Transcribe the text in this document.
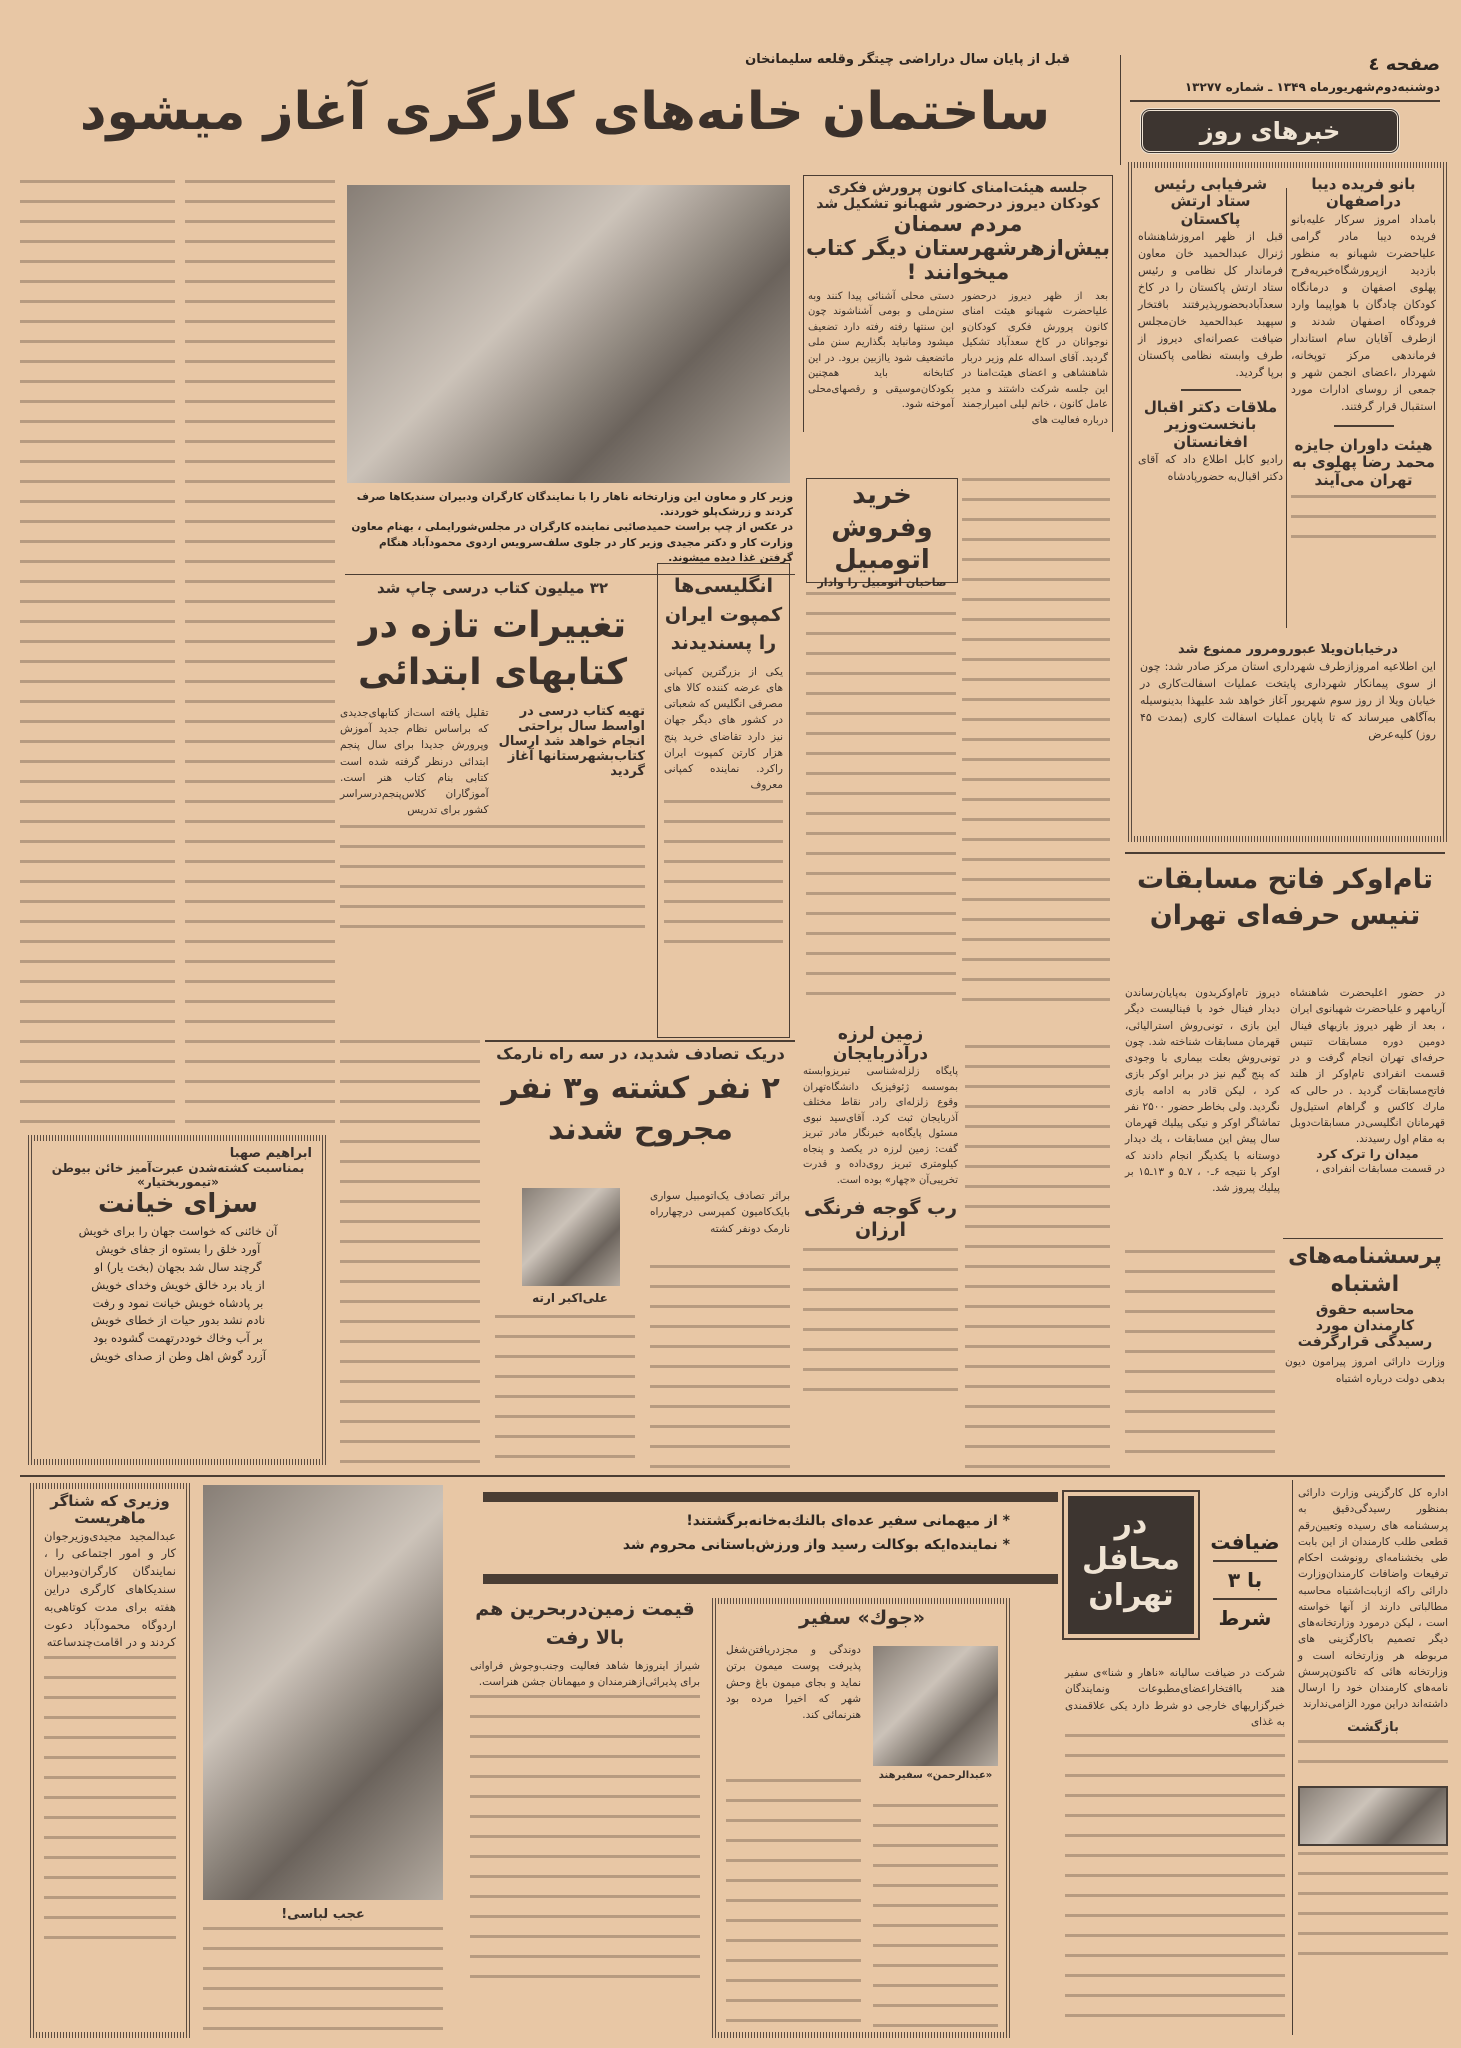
صفحه ٤
دوشنبه‌دوم‌شهریورماه ۱۳۴۹ ـ شماره ۱۳۲۷۷
خبرهای روز
قبل از پایان سال دراراضی چیتگر وقلعه سلیمانخان
ساختمان خانه‌های کارگری آغاز میشود
وزیر کار و معاون این وزارتخانه ناهار را با نمایندگان کارگران ودبیران سندیکاها صرف کردند و زرشک‌پلو خوردند.
در عکس از چپ براست حمیدصائبی نماینده کارگران در مجلس‌شورایملی ، بهنام معاون وزارت کار و دکتر مجیدی وزیر کار در جلوی سلف‌سرویس اردوی محمودآباد هنگام گرفتن غذا دیده میشوند.
بانو فریده دیبا دراصفهان
بامداد امروز سرکار علیه‌بانو فریده دیبا مادر گرامی علیاحضرت شهبانو به منظور بازدید ازپرورشگاه‌خیریه‌فرح پهلوی اصفهان و درمانگاه کودکان چادگان با هواپیما وارد فرودگاه اصفهان شدند و ازطرف آقایان سام استاندار فرماندهی مرکز توپخانه، شهردار ،اعضای انجمن شهر و جمعی از روسای ادارات مورد استقبال قرار گرفتند.
هیئت داوران جایزه محمد رضا پهلوی به تهران می‌آیند
شرفیابی رئیس ستاد ارتش پاکستان
قبل از ظهر امروزشاهنشاه ژنرال عبدالحمید خان معاون فرماندار کل نظامی و رئیس ستاد ارتش پاکستان را در کاخ سعدآبادبحضورپذیرفتند بافتخار سپهبد عبدالحمید خان‌مجلس ضیافت عصرانه‌ای دیروز از طرف وابسته نظامی پاکستان برپا گردید.
ملاقات دکتر اقبال بانخست‌وزیر افغانستان
رادیو کابل اطلاع داد که آقای دکتر اقبال‌به حضورپادشاه
درخیابان‌ویلا عبورومرور ممنوع شد
این اطلاعیه امروزازطرف شهرداری استان مرکز صادر شد: چون از سوی پیمانکار شهرداری پایتخت عملیات اسفالت‌کاری در خیابان ویلا از روز سوم شهریور آغاز خواهد شد علیهذا بدینوسیله به‌آگاهی میرساند که تا پایان عملیات اسفالت کاری (بمدت ۴۵ روز) کلیه‌عرض
جلسه هیئت‌امنای کانون پرورش فکری کودکان دیروز درحضور شهبانو تشکیل شد
مردم سمنان بیش‌ازهرشهرستان دیگر کتاب میخوانند !
بعد از ظهر دیروز درحضور علیاحضرت شهبانو هیئت امنای کانون پرورش فکری کودکان‌و نوجوانان در کاخ سعدآباد تشکیل گردید. آقای اسداله علم وزیر دربار شاهنشاهی و اعضای هیئت‌امنا در این جلسه شرکت داشتند و مدیر عامل کانون ، خانم لیلی امیرارجمند درباره فعالیت های
دستی محلی آشنائی پیدا کنند وبه سنن‌ملی و بومی آشناشوند چون این سنتها رفته رفته دارد تضعیف میشود ومانباید بگذاریم سنن ملی ماتضعیف شود یاازبین برود. در این کتابخانه باید همچنین بکودکان‌موسیقی و رقصهای‌محلی آموخته شود.
خرید وفروش اتومبیل
صاحبان اتومبیل را وادار
۳۲ میلیون کتاب درسی چاپ شد
تغییرات تازه در کتابهای ابتدائی
تهیه کتاب درسی در اواسط سال براحتی انجام خواهد شد ارسال کتاب‌بشهرستانها آغاز گردید
تقلیل یافته است‌از کتابهای‌جدیدی که براساس نظام جدید آموزش وپرورش جدیدا برای سال پنجم ابتدائی درنظر گرفته شده است کتابی بنام کتاب هنر است. آموزگاران کلاس‌پنجم‌درسراسر کشور برای تدریس
انگلیسی‌ها کمپوت ایران را پسندیدند
یکی از بزرگترین کمپانی های عرضه کننده کالا های مصرفی انگلیس که شعباتی در کشور های دیگر جهان نیز دارد تقاضای خرید پنج هزار کارتن کمپوت ایران راکرد. نماینده کمپانی معروف
دریک تصادف شدید، در سه راه نارمک
۲ نفر کشته و۳ نفر مجروح شدند
علی‌اکبر ارته
براثر تصادف یک‌اتومبیل سواری بایک‌کامیون کمپرسی درچهارراه نارمک دونفر کشته
زمین لرزه درآذربایجان
پایگاه زلزله‌شناسی تبریزوابسته بموسسه ژئوفیزیک دانشگاه‌تهران وقوع زلزله‌ای رادر نقاط مختلف آذربایجان ثبت کرد. آقای‌سید نبوی مسئول پایگاه‌به خبرنگار مادر تبریز گفت: زمین لرزه در یکصد و پنجاه کیلومتری تبریز روی‌داده و قدرت تخریبی‌آن «چهار» بوده است.
رب گوجه فرنگی ارزان
تام‌اوکر فاتح مسابقات تنیس حرفه‌ای تهران
در حضور اعلیحضرت شاهنشاه آریامهر و علیاحضرت شهبانوی ایران ، بعد از ظهر دیروز بازیهای فینال دومین دوره مسابقات تنیس حرفه‌ای تهران انجام گرفت و در قسمت انفرادی تام‌اوکر از هلند فاتح‌مسابقات گردید . در حالی که مارك کاکس و گراهام استیل‌ول قهرمانان انگلیسی‌در مسابقات‌دوبل به مقام اول رسیدند.
میدان را ترک کرد
در قسمت مسابقات انفرادی ،
دیروز تام‌اوکربدون به‌پایان‌رساندن دیدار فینال خود با فینالیست دیگر این بازی ، تونی‌روش استرالیائی، قهرمان مسابقات شناخته شد. چون تونی‌روش بعلت بیماری با وجودی که پنج گیم نیز در برابر اوکر بازی کرد ، لیکن قادر به ادامه بازی نگردید. ولی بخاطر حضور ۲۵۰۰ نفر تماشاگر اوکر و نیکی پیلیك قهرمان سال پیش این مسابقات ، یك دیدار دوستانه با یکدیگر انجام دادند که اوکر با نتیجه ۶ـ۰ ، ۷ـ۵ و ۱۳ـ۱۵ بر پیلیك پیروز شد.
پرسشنامه‌های اشتباه
محاسبه حقوق کارمندان مورد رسیدگی قرارگرفت
وزارت دارائی امروز پیرامون دیون بدهی دولت درباره اشتباه
ابراهیم صهبا
بمناسبت کشته‌شدن عبرت‌آمیز خائن بیوطن «تیموربختیار»
سزای خیانت
آن خائنی که خواست جهان را برای خویش
آورد خلق را بستوه از جفای خویش
گرچند سال شد بجهان (بخت یار) او
از یاد برد خالق خویش وخدای خویش
بر پادشاه خویش خیانت نمود و رفت
نادم نشد بدور حیات از خطای خویش
بر آب وخاك خوددرتهمت گشوده بود
آزرد گوش اهل وطن از صدای خویش
وزیری که شناگر ماهریست
عبدالمجید مجیدی‌وزیرجوان کار و امور اجتماعی را ، نمایندگان کارگران‌ودبیران سندیکاهای کارگری دراین هفته برای مدت کوتاهی‌به اردوگاه محمودآباد دعوت کردند و در اقامت‌چندساعته
عجب لباسی!
* از میهمانی سفیر عده‌ای بالنك‌به‌خانه‌برگشتند!
* نماینده‌ایکه بوکالت رسید واز ورزش‌باستانی محروم شد
در محافل تهران
ضیافت
با ۳
شرط
شرکت در ضیافت سالیانه «ناهار و شنا»ی سفیر هند باافتخاراعضای‌مطبوعات ونمایندگان خبرگزاریهای خارجی دو شرط دارد یکی علاقمندی به غذای
اداره کل کارگزینی وزارت دارائی بمنظور رسیدگی‌دقیق به پرسشنامه های رسیده وتعیین‌رقم قطعی طلب کارمندان از این بابت طی بخشنامه‌ای رونوشت احکام ترفیعات واضافات کارمندان‌وزارت دارائی راکه ازبابت‌اشتباه محاسبه مطالباتی دارند از آنها خواسته است ، لیکن درمورد وزارتخانه‌های دیگر تصمیم باکارگزینی های مربوطه هر وزارتخانه است و وزارتخانه هائی که تاکنون‌پرسش نامه‌های کارمندان خود را ارسال داشته‌اند دراین مورد الزامی‌ندارند
بازگشت
قیمت زمین‌دربحرین هم بالا رفت
شیراز اینروزها شاهد فعالیت وجنب‌وجوش فراوانی برای پذیرائی‌ازهنرمندان و میهمانان جشن هنراست.
«جوك» سفیر
دوندگی و مجزدریافتن‌شغل پذیرفت پوست میمون برتن نماید و بجای میمون باغ وحش شهر که اخیرا مرده بود هنرنمائی کند.
«عبدالرحمن» سفیرهند
